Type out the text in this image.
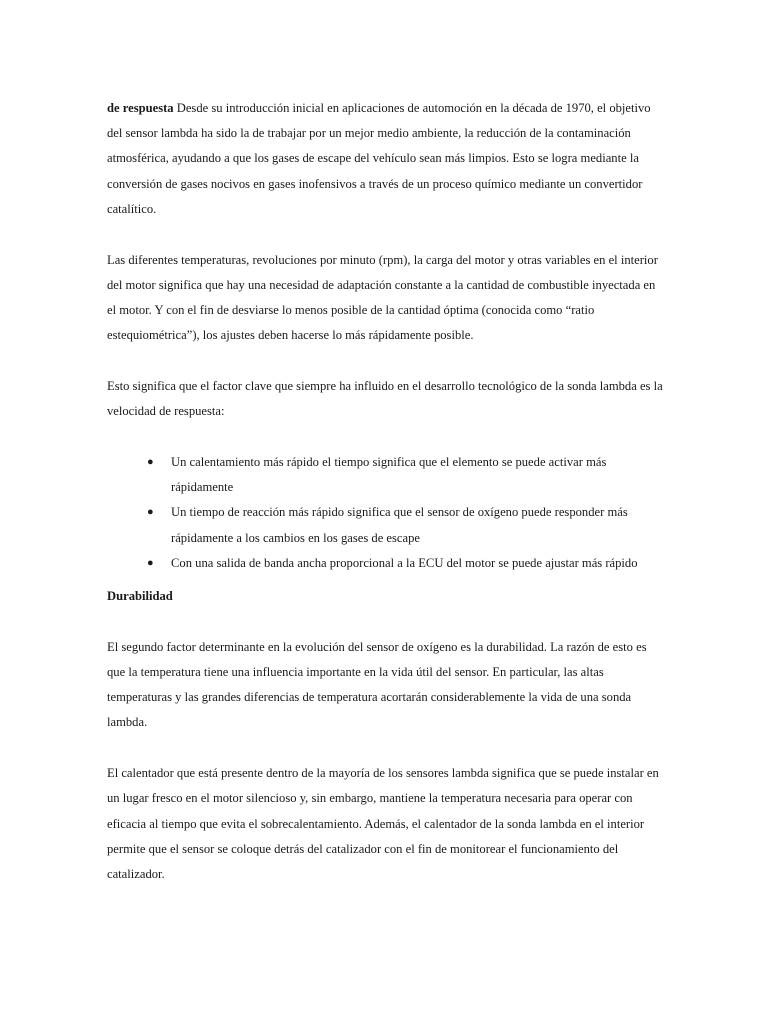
de respuesta Desde su introducción inicial en aplicaciones de automoción en la década de 1970, el objetivo del sensor lambda ha sido la de trabajar por un mejor medio ambiente, la reducción de la contaminación atmosférica, ayudando a que los gases de escape del vehículo sean más limpios. Esto se logra mediante la conversión de gases nocivos en gases inofensivos a través de un proceso químico mediante un convertidor catalítico.

Las diferentes temperaturas, revoluciones por minuto (rpm), la carga del motor y otras variables en el interior del motor significa que hay una necesidad de adaptación constante a la cantidad de combustible inyectada en el motor. Y con el fin de desviarse lo menos posible de la cantidad óptima (conocida como “ratio estequiométrica”), los ajustes deben hacerse lo más rápidamente posible.

Esto significa que el factor clave que siempre ha influido en el desarrollo tecnológico de la sonda lambda es la velocidad de respuesta:

● Un calentamiento más rápido el tiempo significa que el elemento se puede activar más rápidamente
● Un tiempo de reacción más rápido significa que el sensor de oxígeno puede responder más rápidamente a los cambios en los gases de escape
● Con una salida de banda ancha proporcional a la ECU del motor se puede ajustar más rápido

Durabilidad

El segundo factor determinante en la evolución del sensor de oxígeno es la durabilidad. La razón de esto es que la temperatura tiene una influencia importante en la vida útil del sensor. En particular, las altas temperaturas y las grandes diferencias de temperatura acortarán considerablemente la vida de una sonda lambda.

El calentador que está presente dentro de la mayoría de los sensores lambda significa que se puede instalar en un lugar fresco en el motor silencioso y, sin embargo, mantiene la temperatura necesaria para operar con eficacia al tiempo que evita el sobrecalentamiento. Además, el calentador de la sonda lambda en el interior permite que el sensor se coloque detrás del catalizador con el fin de monitorear el funcionamiento del catalizador.
